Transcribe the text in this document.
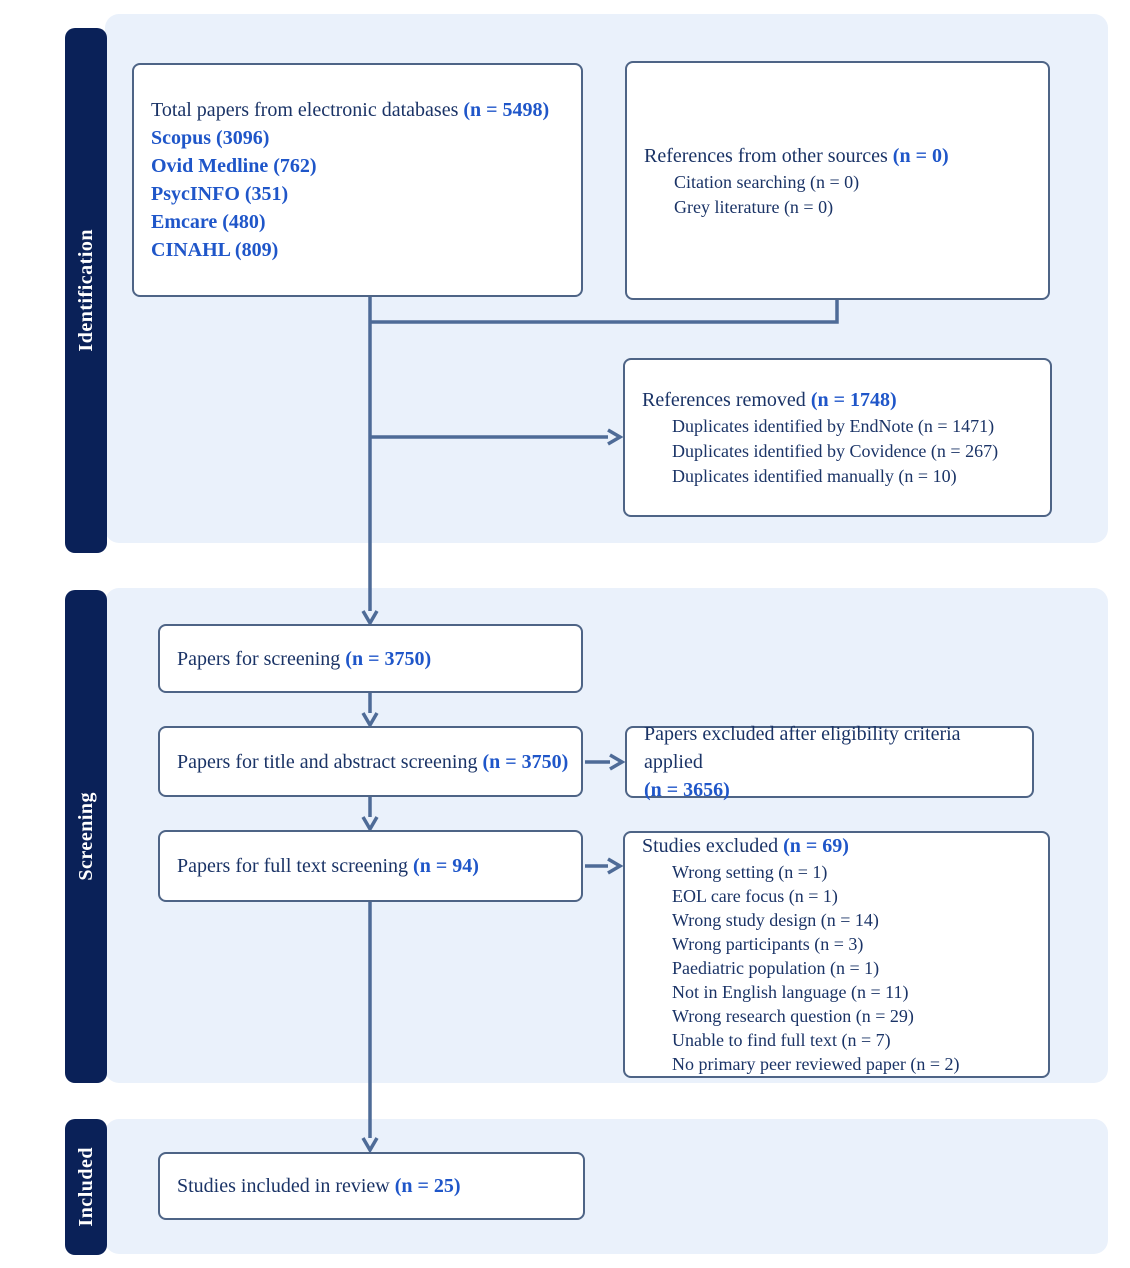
Identification
Screening
Included
Total papers from electronic databases (n = 5498)
Scopus (3096)
Ovid Medline (762)
PsycINFO (351)
Emcare (480)
CINAHL (809)
References from other sources (n = 0)
Citation searching (n = 0)
Grey literature (n = 0)
References removed (n = 1748)
Duplicates identified by EndNote (n = 1471)
Duplicates identified by Covidence (n = 267)
Duplicates identified manually (n = 10)
Papers for screening (n = 3750)
Papers for title and abstract screening (n = 3750)
Papers excluded after eligibility criteria applied
(n = 3656)
Papers for full text screening (n = 94)
Studies excluded (n = 69)
Wrong setting (n = 1)
EOL care focus (n = 1)
Wrong study design (n = 14)
Wrong participants (n = 3)
Paediatric population (n = 1)
Not in English language (n = 11)
Wrong research question (n = 29)
Unable to find full text (n = 7)
No primary peer reviewed paper (n = 2)
Studies included in review (n = 25)
